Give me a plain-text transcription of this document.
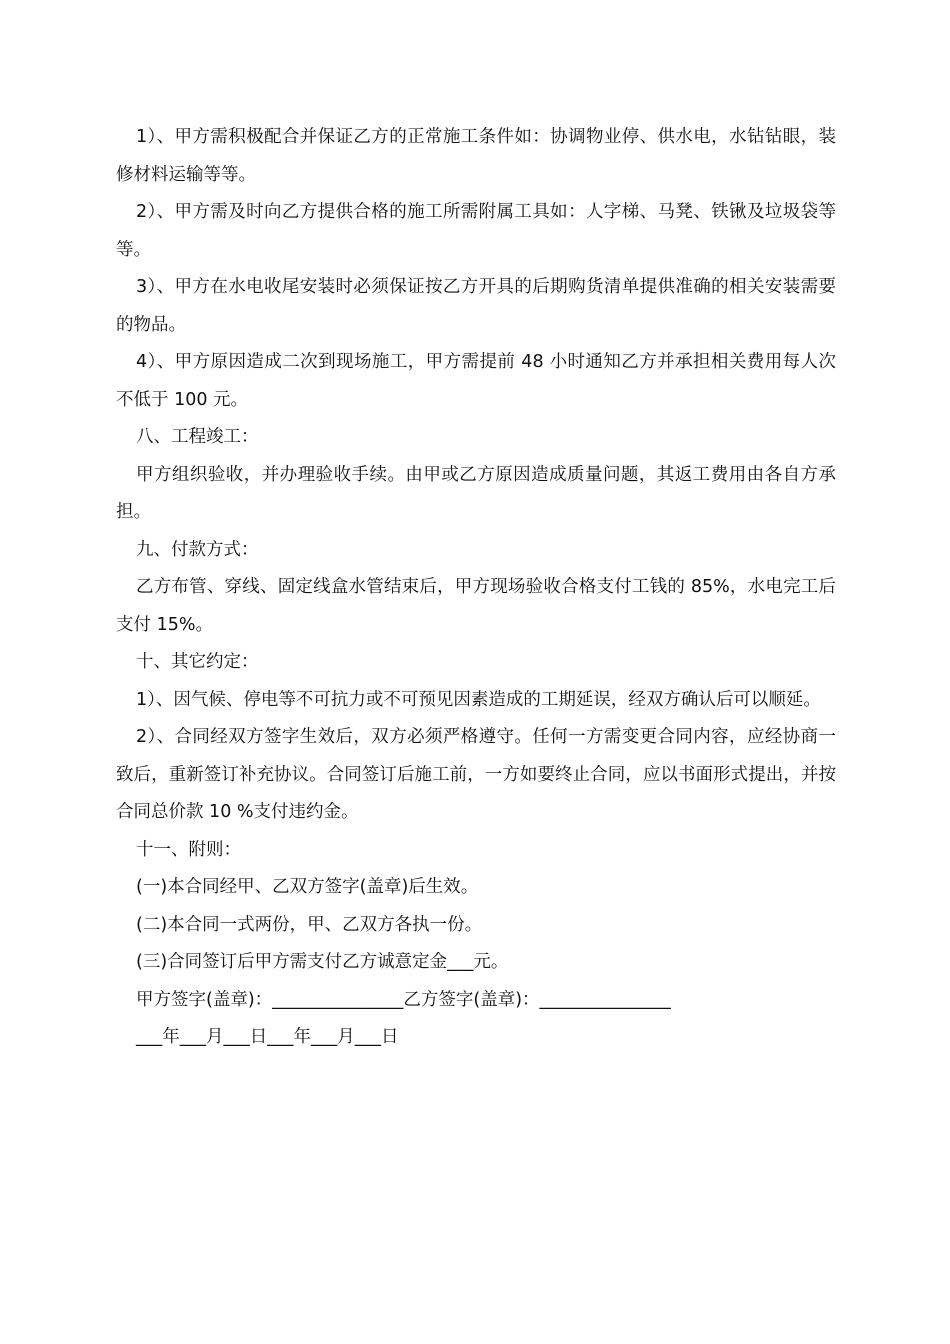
1）、甲方需积极配合并保证乙方的正常施工条件如：协调物业停、供水电，水钻钻眼，装修材料运输等等。

2）、甲方需及时向乙方提供合格的施工所需附属工具如：人字梯、马凳、铁锹及垃圾袋等等。

3）、甲方在水电收尾安装时必须保证按乙方开具的后期购货清单提供准确的相关安装需要的物品。

4）、甲方原因造成二次到现场施工，甲方需提前 48 小时通知乙方并承担相关费用每人次不低于 100 元。

八、工程竣工：

甲方组织验收，并办理验收手续。由甲或乙方原因造成质量问题，其返工费用由各自方承担。

九、付款方式：

乙方布管、穿线、固定线盒水管结束后，甲方现场验收合格支付工钱的 85%，水电完工后支付 15%。

十、其它约定：

1）、因气候、停电等不可抗力或不可预见因素造成的工期延误，经双方确认后可以顺延。

2）、合同经双方签字生效后，双方必须严格遵守。任何一方需变更合同内容，应经协商一致后，重新签订补充协议。合同签订后施工前，一方如要终止合同，应以书面形式提出，并按合同总价款 10 %支付违约金。

十一、附则：

(一)本合同经甲、乙双方签字(盖章)后生效。

(二)本合同一式两份，甲、乙双方各执一份。

(三)合同签订后甲方需支付乙方诚意定金___元。

甲方签字(盖章)：_______________乙方签字(盖章)：_______________

___年___月___日___年___月___日
